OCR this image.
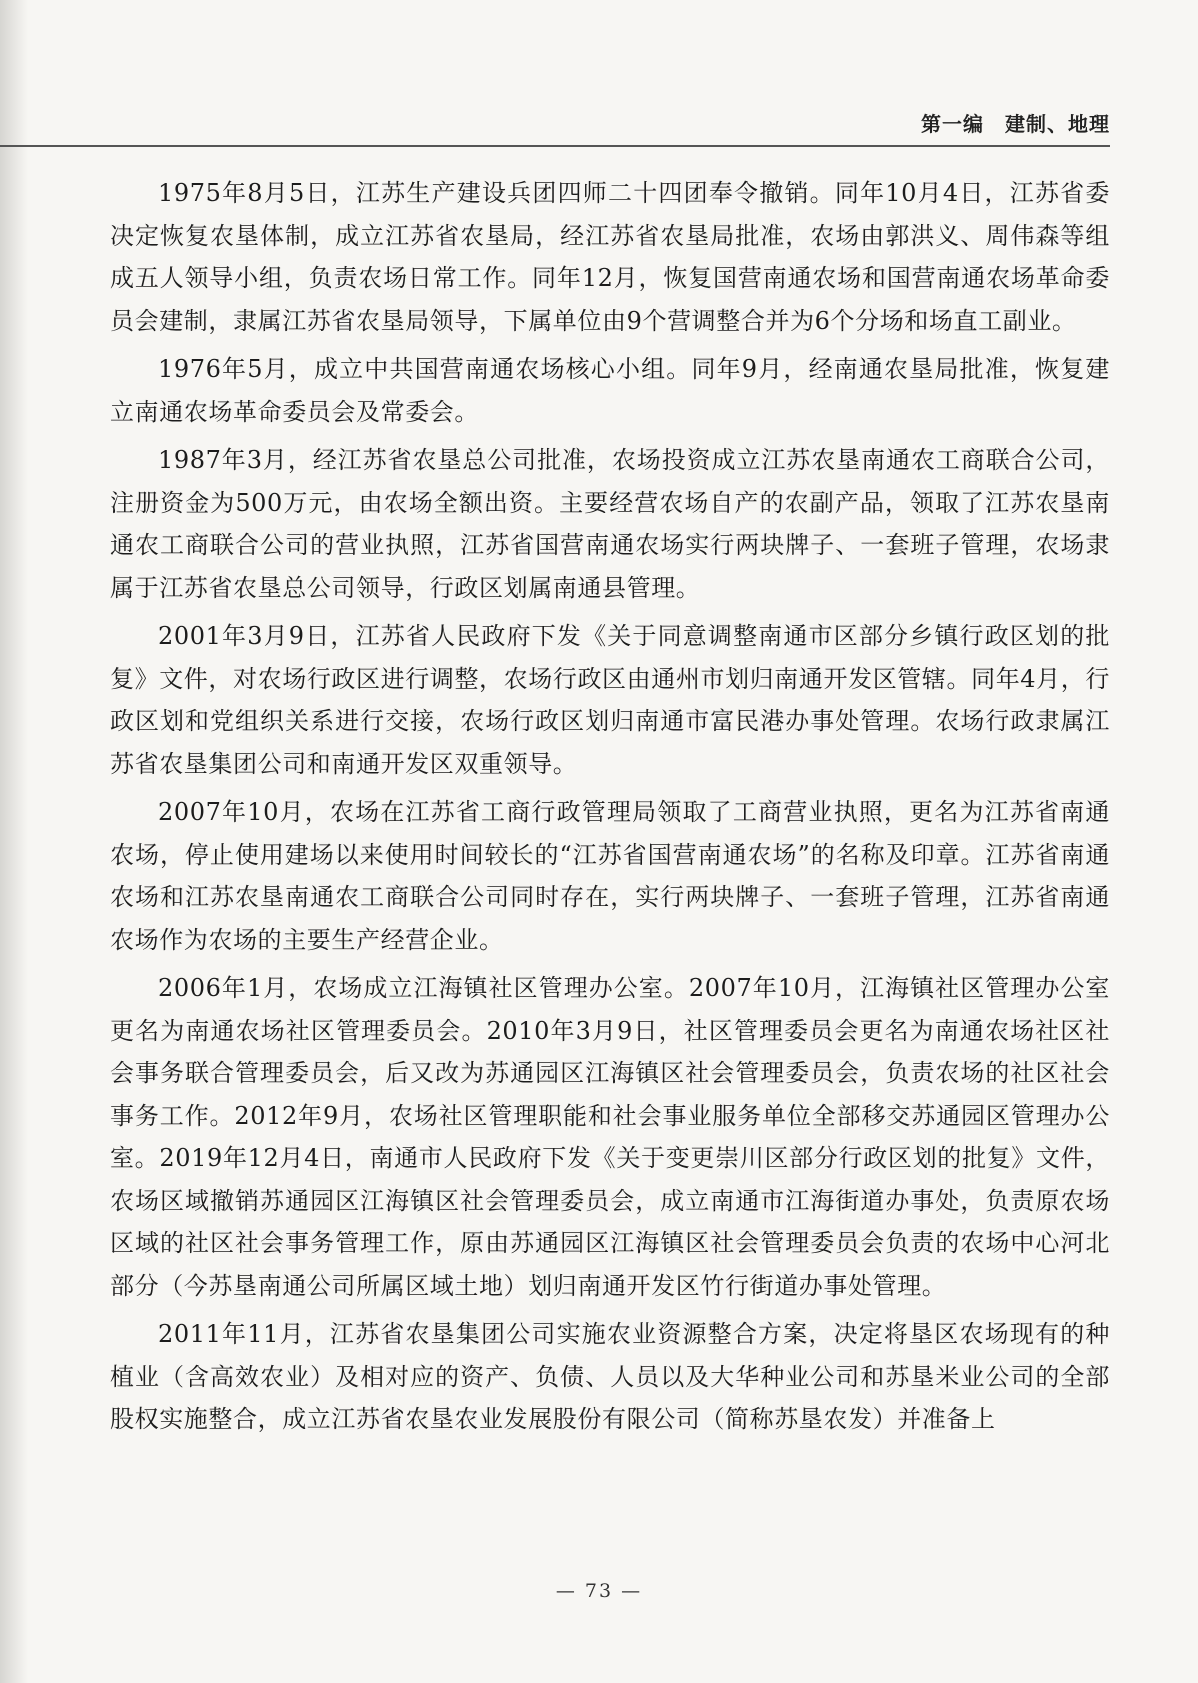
第一编　建制、地理

1975年8月5日，江苏生产建设兵团四师二十四团奉令撤销。同年10月4日，江苏省委决定恢复农垦体制，成立江苏省农垦局，经江苏省农垦局批准，农场由郭洪义、周伟森等组成五人领导小组，负责农场日常工作。同年12月，恢复国营南通农场和国营南通农场革命委员会建制，隶属江苏省农垦局领导，下属单位由9个营调整合并为6个分场和场直工副业。

1976年5月，成立中共国营南通农场核心小组。同年9月，经南通农垦局批准，恢复建立南通农场革命委员会及常委会。

1987年3月，经江苏省农垦总公司批准，农场投资成立江苏农垦南通农工商联合公司，注册资金为500万元，由农场全额出资。主要经营农场自产的农副产品，领取了江苏农垦南通农工商联合公司的营业执照，江苏省国营南通农场实行两块牌子、一套班子管理，农场隶属于江苏省农垦总公司领导，行政区划属南通县管理。

2001年3月9日，江苏省人民政府下发《关于同意调整南通市区部分乡镇行政区划的批复》文件，对农场行政区进行调整，农场行政区由通州市划归南通开发区管辖。同年4月，行政区划和党组织关系进行交接，农场行政区划归南通市富民港办事处管理。农场行政隶属江苏省农垦集团公司和南通开发区双重领导。

2007年10月，农场在江苏省工商行政管理局领取了工商营业执照，更名为江苏省南通农场，停止使用建场以来使用时间较长的“江苏省国营南通农场”的名称及印章。江苏省南通农场和江苏农垦南通农工商联合公司同时存在，实行两块牌子、一套班子管理，江苏省南通农场作为农场的主要生产经营企业。

2006年1月，农场成立江海镇社区管理办公室。2007年10月，江海镇社区管理办公室更名为南通农场社区管理委员会。2010年3月9日，社区管理委员会更名为南通农场社区社会事务联合管理委员会，后又改为苏通园区江海镇区社会管理委员会，负责农场的社区社会事务工作。2012年9月，农场社区管理职能和社会事业服务单位全部移交苏通园区管理办公室。2019年12月4日，南通市人民政府下发《关于变更崇川区部分行政区划的批复》文件，农场区域撤销苏通园区江海镇区社会管理委员会，成立南通市江海街道办事处，负责原农场区域的社区社会事务管理工作，原由苏通园区江海镇区社会管理委员会负责的农场中心河北部分（今苏垦南通公司所属区域土地）划归南通开发区竹行街道办事处管理。

2011年11月，江苏省农垦集团公司实施农业资源整合方案，决定将垦区农场现有的种植业（含高效农业）及相对应的资产、负债、人员以及大华种业公司和苏垦米业公司的全部股权实施整合，成立江苏省农垦农业发展股份有限公司（简称苏垦农发）并准备上

— 73 —
